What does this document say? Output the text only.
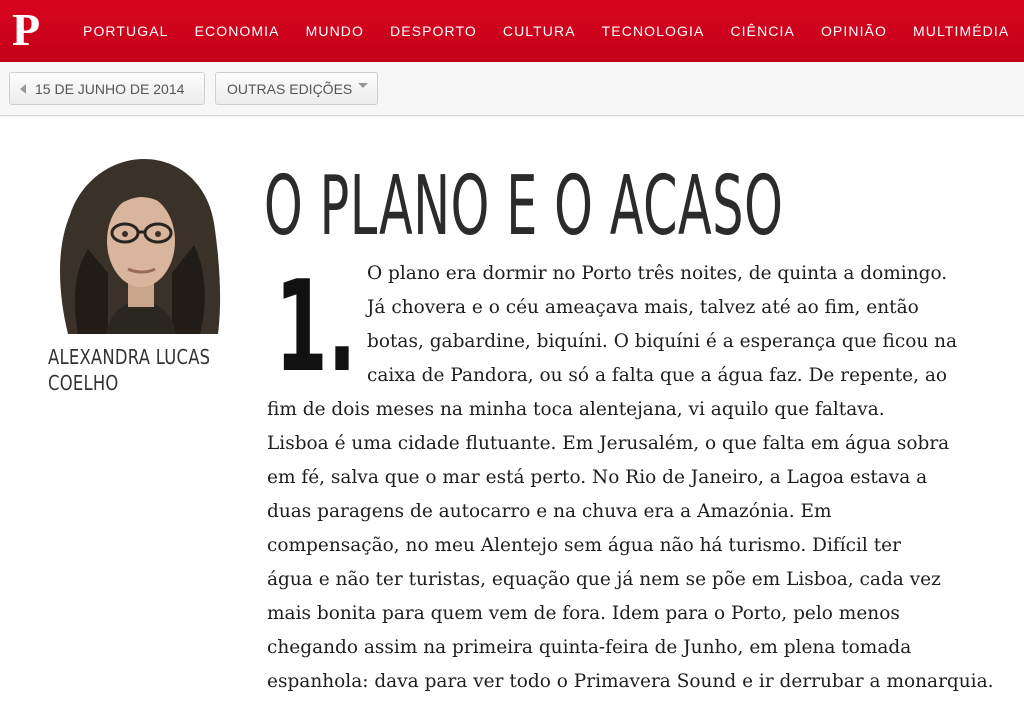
P	PORTUGAL ECONOMIA MUNDO DESPORTO CULTURA TECNOLOGIA CIÊNCIA OPINIÃO MULTIMÉDIA
15 DE JUNHO DE 2014	OUTRAS EDIÇÕES
ALEXANDRA LUCAS
COELHO
O PLANO E O ACASO
1. O plano era dormir no Porto três noites, de quinta a domingo.

Já chovera e o céu ameaçava mais, talvez até ao fim, então

botas, gabardine, biquíni. O biquíni é a esperança que ficou na

caixa de Pandora, ou só a falta que a água faz. De repente, ao

fim de dois meses na minha toca alentejana, vi aquilo que faltava.

Lisboa é uma cidade flutuante. Em Jerusalém, o que falta em água sobra

em fé, salva que o mar está perto. No Rio de Janeiro, a Lagoa estava a

duas paragens de autocarro e na chuva era a Amazónia. Em

compensação, no meu Alentejo sem água não há turismo. Difícil ter

água e não ter turistas, equação que já nem se põe em Lisboa, cada vez

mais bonita para quem vem de fora. Idem para o Porto, pelo menos

chegando assim na primeira quinta-feira de Junho, em plena tomada

espanhola: dava para ver todo o Primavera Sound e ir derrubar a monarquia.
